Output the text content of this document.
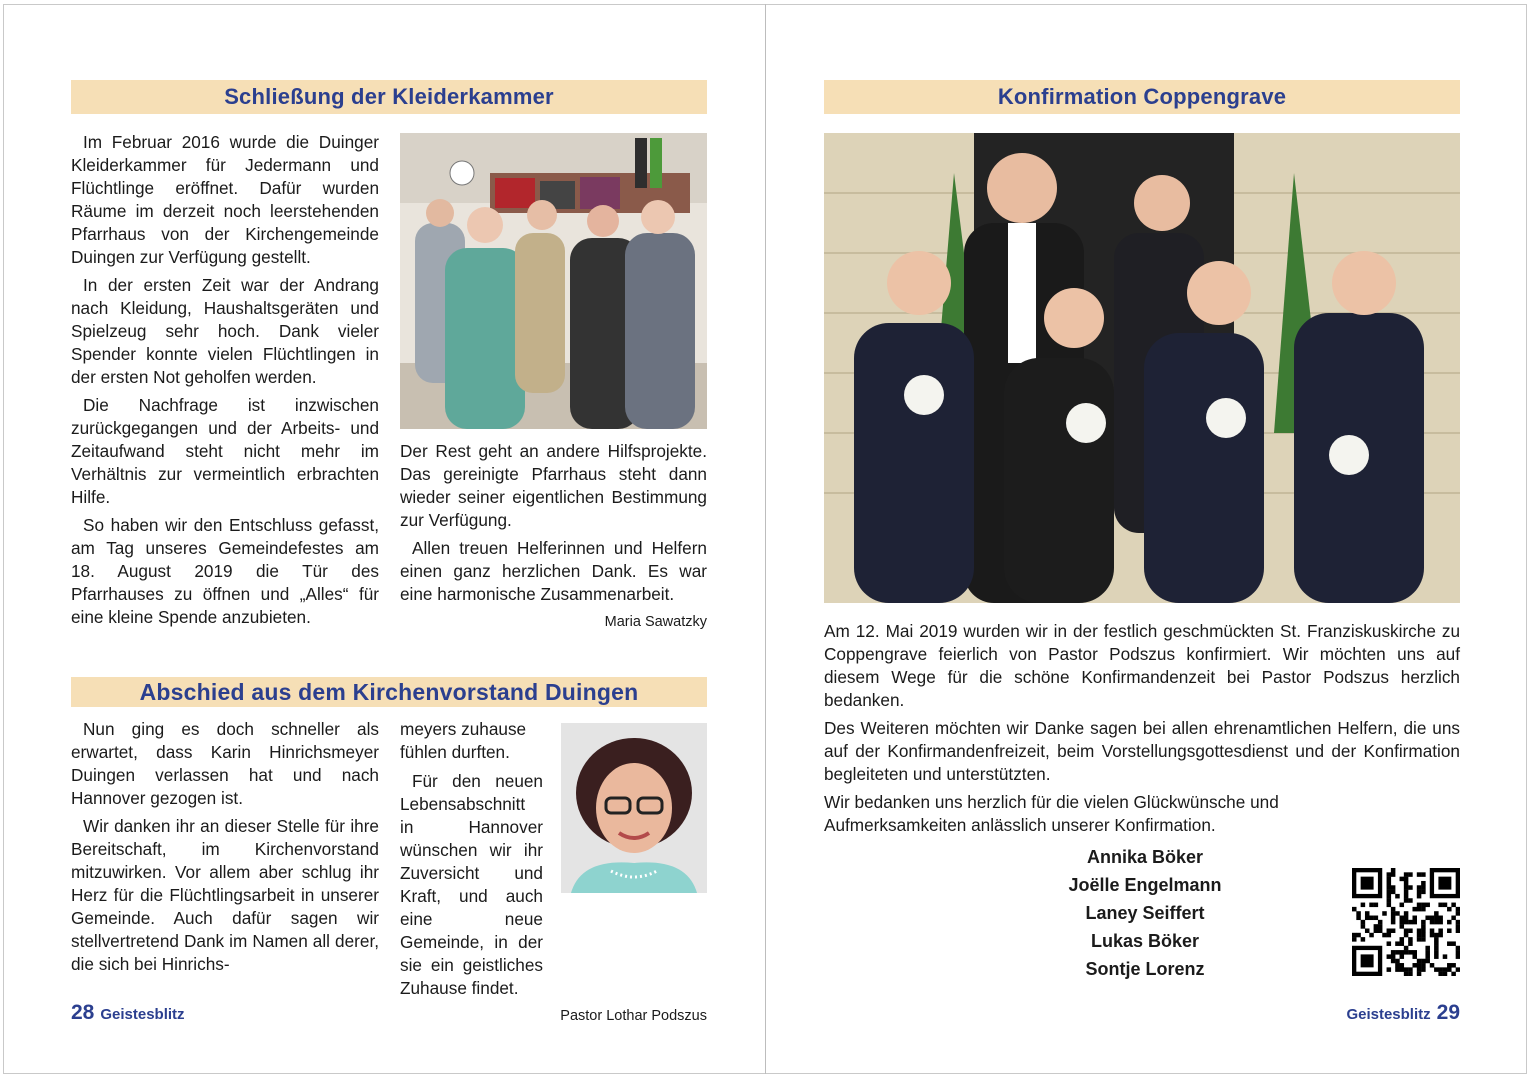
Schließung der Kleiderkammer

Im Februar 2016 wurde die Duinger Kleiderkammer für Jedermann und Flüchtlinge eröffnet. Dafür wurden Räume im derzeit noch leerstehenden Pfarrhaus von der Kirchengemeinde Duingen zur Verfügung gestellt.

In der ersten Zeit war der Andrang nach Kleidung, Haushaltsgeräten und Spielzeug sehr hoch. Dank vieler Spender konnte vielen Flüchtlingen in der ersten Not geholfen werden.

Die Nachfrage ist inzwischen zurückgegangen und der Arbeits- und Zeitaufwand steht nicht mehr im Verhältnis zur vermeintlich erbrachten Hilfe.

So haben wir den Entschluss gefasst, am Tag unseres Gemeindefestes am 18. August 2019 die Tür des Pfarrhauses zu öffnen und „Alles“ für eine kleine Spende anzubieten.

Der Rest geht an andere Hilfsprojekte. Das gereinigte Pfarrhaus steht dann wieder seiner eigentlichen Bestimmung zur Verfügung.

Allen treuen Helferinnen und Helfern einen ganz herzlichen Dank. Es war eine harmonische Zusammenarbeit.

Maria Sawatzky

Abschied aus dem Kirchenvorstand Duingen

Nun ging es doch schneller als erwartet, dass Karin Hinrichsmeyer Duingen verlassen hat und nach Hannover gezogen ist.

Wir danken ihr an dieser Stelle für ihre Bereitschaft, im Kirchenvorstand mitzuwirken. Vor allem aber schlug ihr Herz für die Flüchtlingsarbeit in unserer Gemeinde. Auch dafür sagen wir stellvertretend Dank im Namen all derer, die sich bei Hinrichs-

meyers zuhause fühlen durften.

Für den neuen Lebensabschnitt in Hannover wünschen wir ihr Zuversicht und Kraft, und auch eine neue Gemeinde, in der sie ein geistliches Zuhause findet.

Pastor Lothar Podszus

28 Geistesblitz
Konfirmation Coppengrave

Am 12. Mai 2019 wurden wir in der festlich geschmückten St. Franziskuskirche zu Coppengrave feierlich von Pastor Podszus konfirmiert. Wir möchten uns auf diesem Wege für die schöne Konfirmandenzeit bei Pastor Podszus herzlich bedanken.

Des Weiteren möchten wir Danke sagen bei allen ehrenamtlichen Helfern, die uns auf der Konfirmandenfreizeit, beim Vorstellungsgottesdienst und der Konfirmation begleiteten und unterstützten.

Wir bedanken uns herzlich für die vielen Glückwünsche und Aufmerksamkeiten anlässlich unserer Konfirmation.

Annika Böker
Joëlle Engelmann
Laney Seiffert
Lukas Böker
Sontje Lorenz
Geistesblitz 29
